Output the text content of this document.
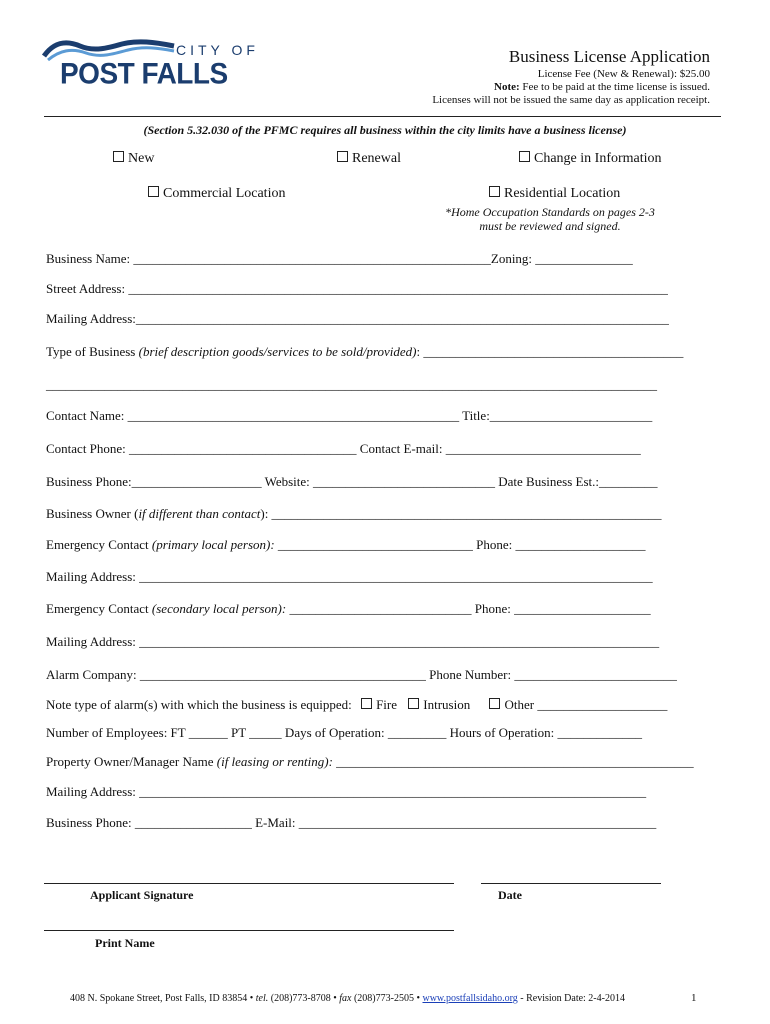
CITY OF
POST FALLS
Business License Application
License Fee (New & Renewal): $25.00
Note: Fee to be paid at the time license is issued.
Licenses will not be issued the same day as application receipt.
(Section 5.32.030 of the PFMC requires all business within the city limits have a business license)
New	Renewal	Change in Information
Commercial Location	Residential Location
*Home Occupation Standards on pages 2-3
must be reviewed and signed.
Business Name: _______________________________________________________Zoning: _______________
Street Address: ___________________________________________________________________________________
Mailing Address:__________________________________________________________________________________
Type of Business (brief description goods/services to be sold/provided): ________________________________________
______________________________________________________________________________________________
Contact Name: ___________________________________________________ Title:_________________________
Contact Phone: ___________________________________ Contact E-mail: ______________________________
Business Phone:____________________ Website: ____________________________ Date Business Est.:_________
Business Owner (if different than contact): ____________________________________________________________
Emergency Contact (primary local person): ______________________________ Phone: ____________________
Mailing Address: _______________________________________________________________________________
Emergency Contact (secondary local person): ____________________________ Phone: _____________________
Mailing Address: ________________________________________________________________________________
Alarm Company: ____________________________________________ Phone Number: _________________________
Note type of alarm(s) with which the business is equipped: Fire Intrusion	Other ____________________
Number of Employees: FT ______ PT _____ Days of Operation: _________ Hours of Operation: _____________
Property Owner/Manager Name (if leasing or renting): _______________________________________________________
Mailing Address: ______________________________________________________________________________
Business Phone: __________________ E-Mail: _______________________________________________________
Applicant Signature	Date
Print Name
408 N. Spokane Street, Post Falls, ID 83854 • tel. (208)773-8708 • fax (208)773-2505 • www.postfallsidaho.org - Revision Date: 2-4-2014	1
